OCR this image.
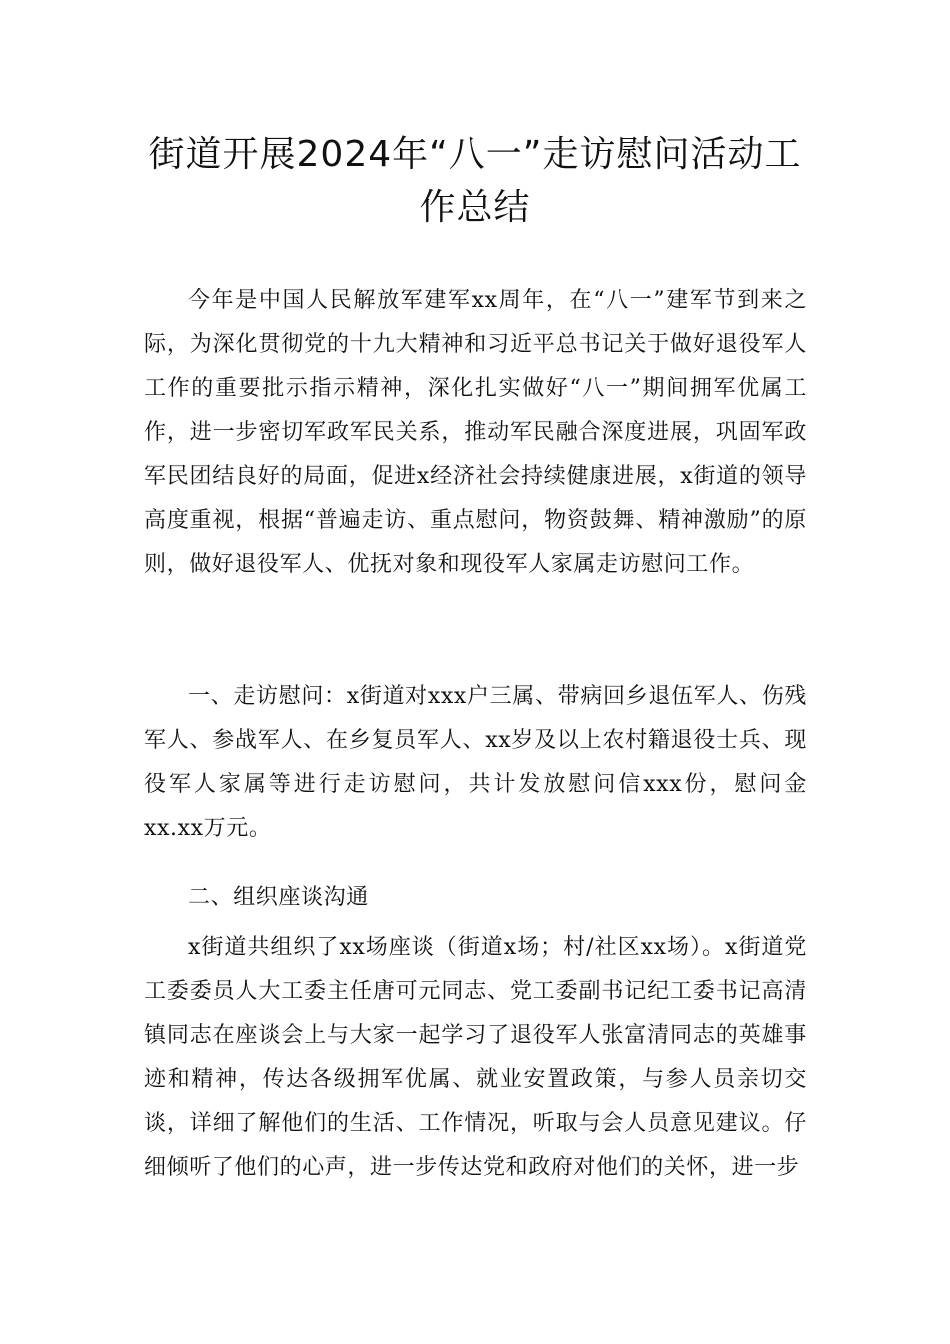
街道开展2024年“八一”走访慰问活动工作总结

今年是中国人民解放军建军xx周年，在“八一”建军节到来之际，为深化贯彻党的十九大精神和习近平总书记关于做好退役军人工作的重要批示指示精神，深化扎实做好“八一”期间拥军优属工作，进一步密切军政军民关系，推动军民融合深度进展，巩固军政军民团结良好的局面，促进x经济社会持续健康进展，x街道的领导高度重视，根据“普遍走访、重点慰问，物资鼓舞、精神激励”的原则，做好退役军人、优抚对象和现役军人家属走访慰问工作。

一、走访慰问：x街道对xxx户三属、带病回乡退伍军人、伤残军人、参战军人、在乡复员军人、xx岁及以上农村籍退役士兵、现役军人家属等进行走访慰问，共计发放慰问信xxx份，慰问金xx.xx万元。

二、组织座谈沟通

x街道共组织了xx场座谈（街道x场；村/社区xx场）。x街道党工委委员人大工委主任唐可元同志、党工委副书记纪工委书记高清镇同志在座谈会上与大家一起学习了退役军人张富清同志的英雄事迹和精神，传达各级拥军优属、就业安置政策，与参人员亲切交谈，详细了解他们的生活、工作情况，听取与会人员意见建议。仔细倾听了他们的心声，进一步传达党和政府对他们的关怀，进一步
